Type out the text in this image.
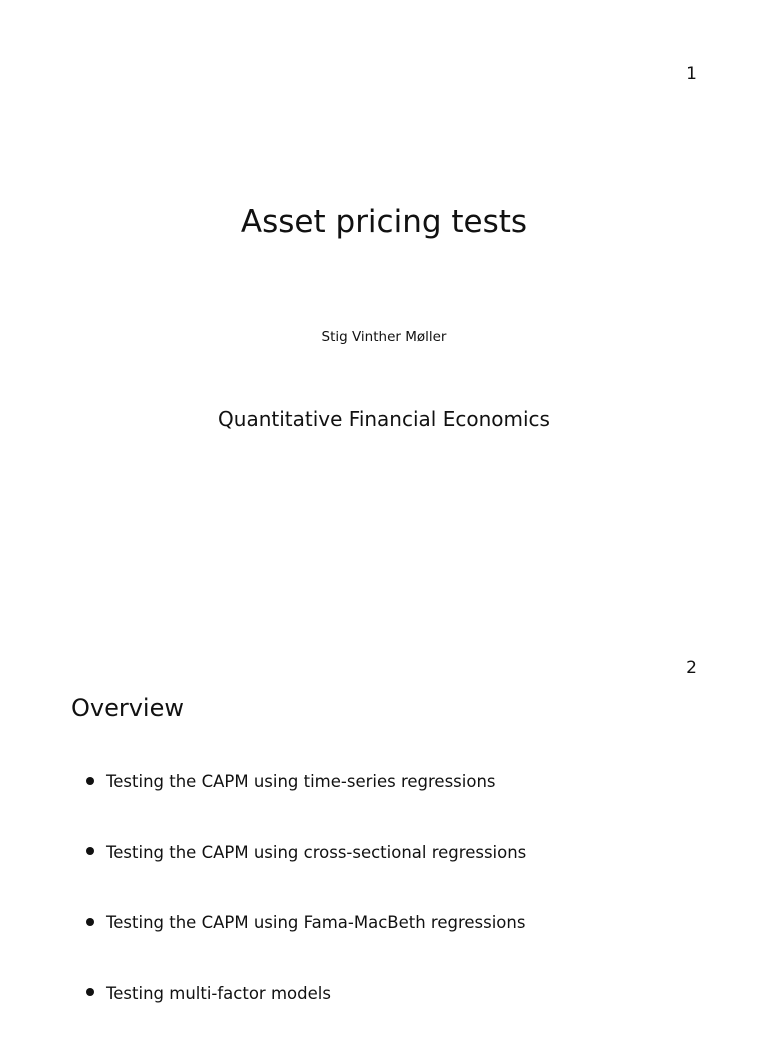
1
Asset pricing tests
Stig Vinther Møller
Quantitative Financial Economics
2
Overview
Testing the CAPM using time-series regressions
Testing the CAPM using cross-sectional regressions
Testing the CAPM using Fama-MacBeth regressions
Testing multi-factor models
